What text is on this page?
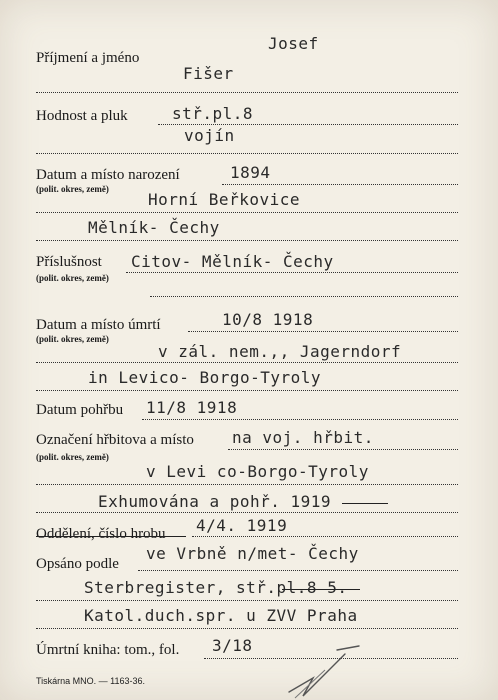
Josef
Příjmení a jméno
Fišer
Hodnost a pluk	stř.pl.8
vojín
Datum a místo narození
(polit. okres, země)
1894
Horní Beřkovice
Mělník- Čechy
Příslušnost
(polit. okres, země)
Citov- Mělník- Čechy
Datum a místo úmrtí
(polit. okres, země)
10/8 1918
v zál. nem.,, Jagerndorf
in Levico- Borgo-Tyroly
Datum pohřbu 11/8 1918
Označení hřbitova a místo
(polit. okres, země)
na voj. hřbit.
v Levi co-Borgo-Tyroly
Exhumována a pohř. 1919
Oddělení, číslo hrobu 4/4. 1919
Opsáno podle
ve Vrbně n/met- Čechy
Sterbregister, stř.pl.8 5.
Katol.duch.spr. u ZVV Praha
Úmrtní kniha: tom., fol. 3/18
Tiskárna MNO. — 1163-36.
